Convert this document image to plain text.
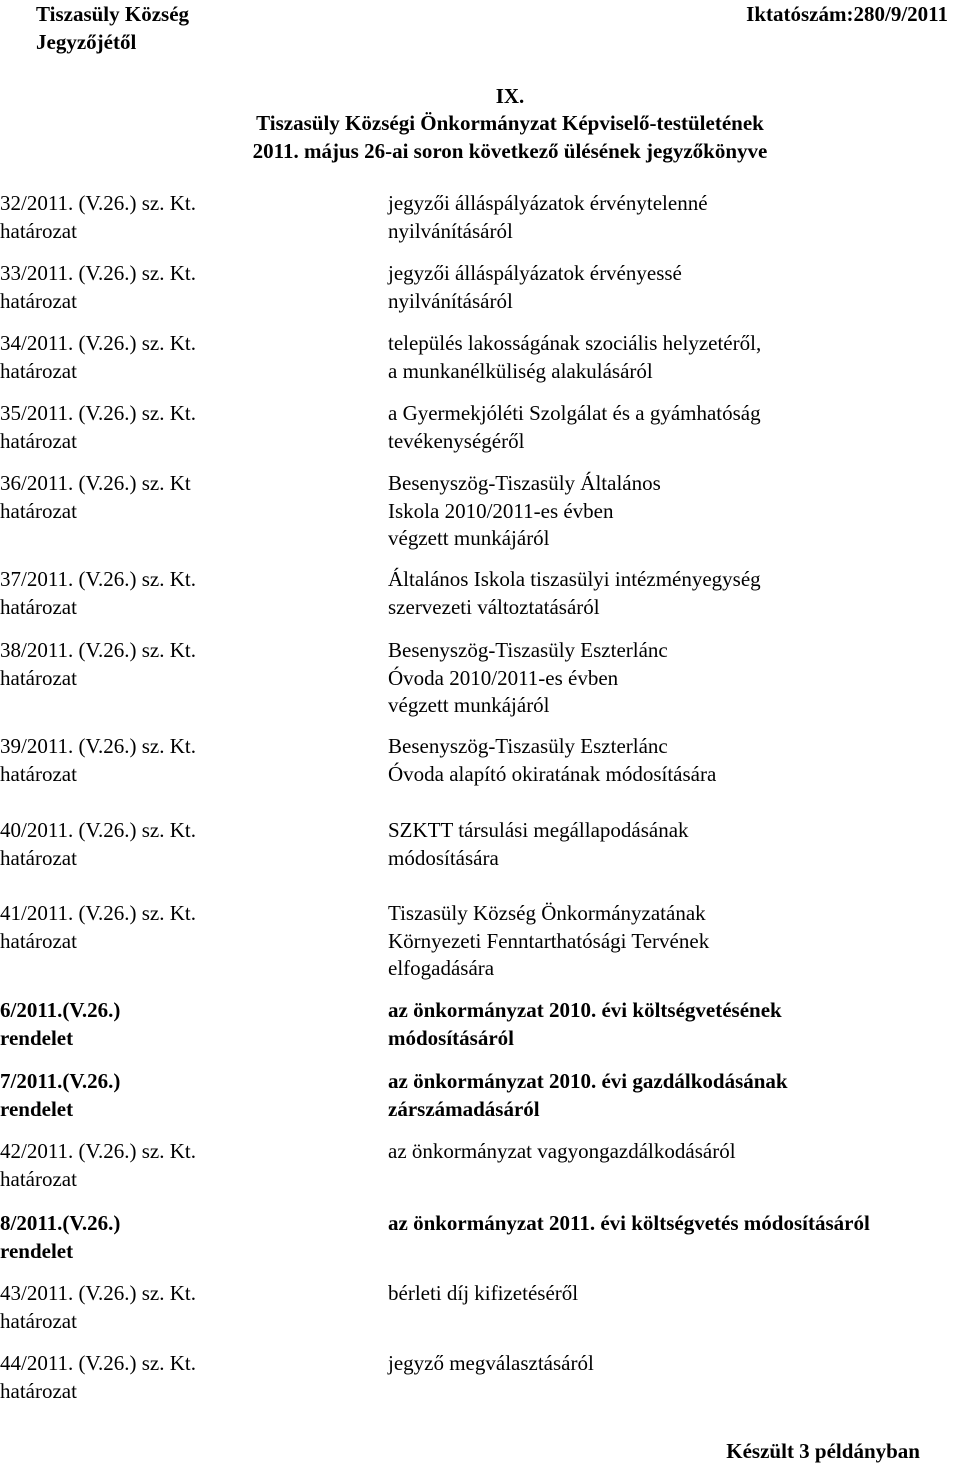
Tiszasüly Község
Jegyzőjétől
Iktatószám:280/9/2011
IX.
Tiszasüly Községi Önkormányzat Képviselő-testületének
2011. május 26-ai soron következő ülésének jegyzőkönyve
32/2011. (V.26.) sz. Kt.
határozat
jegyzői álláspályázatok érvénytelenné
nyilvánításáról
33/2011. (V.26.) sz. Kt.
határozat
jegyzői álláspályázatok érvényessé
nyilvánításáról
34/2011. (V.26.) sz. Kt.
határozat
település lakosságának szociális helyzetéről,
a munkanélküliség alakulásáról
35/2011. (V.26.) sz. Kt.
határozat
a Gyermekjóléti Szolgálat és a gyámhatóság
tevékenységéről
36/2011. (V.26.) sz. Kt
határozat
Besenyszög-Tiszasüly Általános
Iskola 2010/2011-es évben
végzett munkájáról
37/2011. (V.26.) sz. Kt.
határozat
Általános Iskola tiszasülyi intézményegység
szervezeti változtatásáról
38/2011. (V.26.) sz. Kt.
határozat
Besenyszög-Tiszasüly Eszterlánc
Óvoda 2010/2011-es évben
végzett munkájáról
39/2011. (V.26.) sz. Kt.
határozat
Besenyszög-Tiszasüly Eszterlánc
Óvoda alapító okiratának módosítására
40/2011. (V.26.) sz. Kt.
határozat
SZKTT társulási megállapodásának
módosítására
41/2011. (V.26.) sz. Kt.
határozat
Tiszasüly Község Önkormányzatának
Környezeti Fenntarthatósági Tervének
elfogadására
6/2011.(V.26.)
rendelet
az önkormányzat 2010. évi költségvetésének
módosításáról
7/2011.(V.26.)
rendelet
az önkormányzat 2010. évi gazdálkodásának
zárszámadásáról
42/2011. (V.26.) sz. Kt.
határozat
az önkormányzat vagyongazdálkodásáról
8/2011.(V.26.)
rendelet
az önkormányzat 2011. évi költségvetés módosításáról
43/2011. (V.26.) sz. Kt.
határozat
bérleti díj kifizetéséről
44/2011. (V.26.) sz. Kt.
határozat
jegyző megválasztásáról
Készült 3 példányban
